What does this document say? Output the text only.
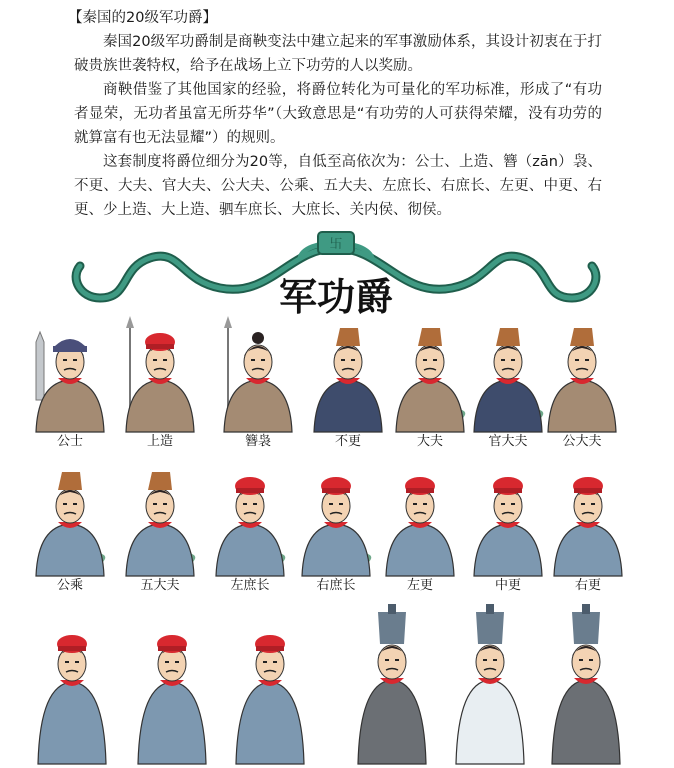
【秦国的20级军功爵】

秦国20级军功爵制是商鞅变法中建立起来的军事激励体系，其设计初衷在于打破贵族世袭特权，给予在战场上立下功劳的人以奖励。

商鞅借鉴了其他国家的经验，将爵位转化为可量化的军功标准，形成了“有功者显荣，无功者虽富无所芬华”（大致意思是“有功劳的人可获得荣耀，没有功劳的就算富有也无法显耀”）的规则。

这套制度将爵位细分为20等，自低至高依次为：公士、上造、簪（zān）袅、不更、大夫、官大夫、公大夫、公乘、五大夫、左庶长、右庶长、左更、中更、右更、少上造、大上造、驷车庶长、大庶长、关内侯、彻侯。

卐
军功爵
公士	上造	簪袅	不更	大夫	官大夫	公大夫
公乘	五大夫	左庶长	右庶长	左更	中更	右更
